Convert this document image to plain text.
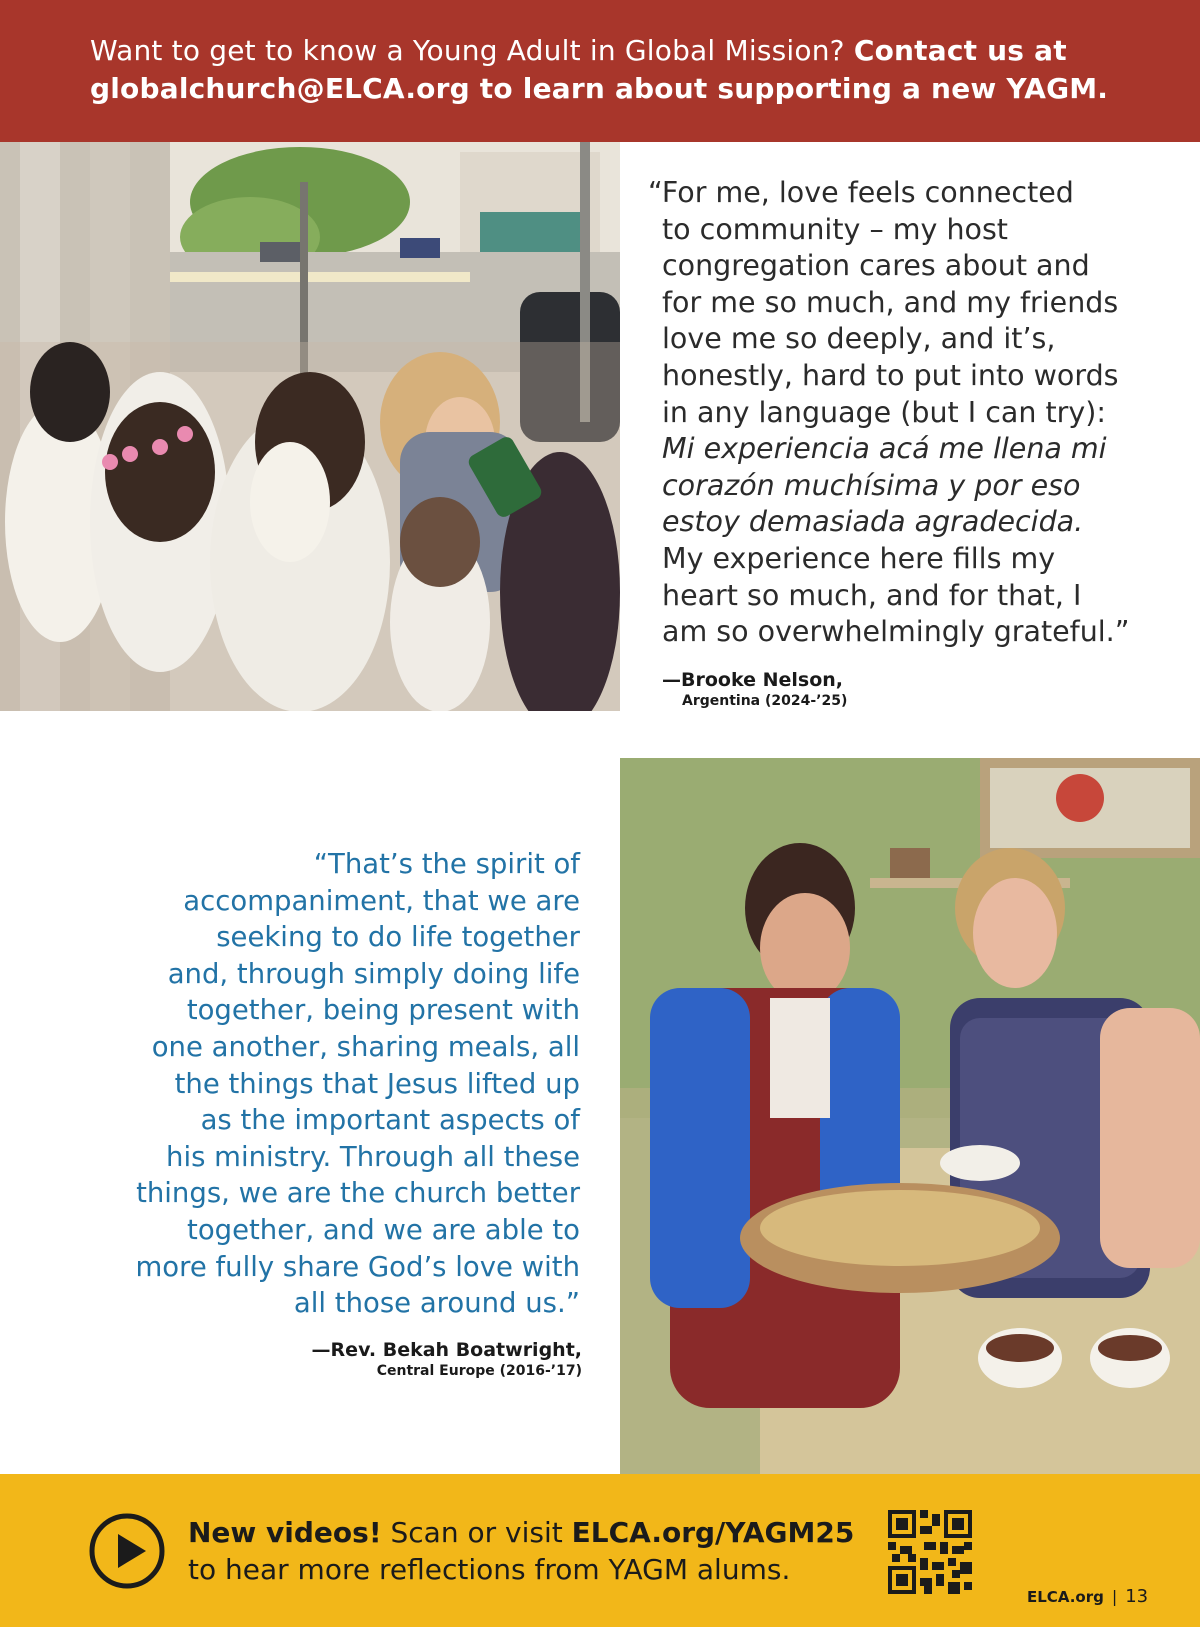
Want to get to know a Young Adult in Global Mission? Contact us at globalchurch@ELCA.org to learn about supporting a new YAGM.
“For me, love feels connected
to community – my host
congregation cares about and
for me so much, and my friends
love me so deeply, and it’s,
honestly, hard to put into words
in any language (but I can try):
Mi experiencia acá me llena mi
corazón muchísima y por eso
estoy demasiada agradecida.
My experience here fills my
heart so much, and for that, I
am so overwhelmingly grateful.”
—Brooke Nelson,
Argentina (2024-’25)
“That’s the spirit of
accompaniment, that we are
seeking to do life together
and, through simply doing life
together, being present with
one another, sharing meals, all
the things that Jesus lifted up
as the important aspects of
his ministry. Through all these
things, we are the church better
together, and we are able to
more fully share God’s love with
all those around us.”
—Rev. Bekah Boatwright,
Central Europe (2016-’17)
New videos! Scan or visit ELCA.org/YAGM25
to hear more reflections from YAGM alums.
ELCA.org | 13
